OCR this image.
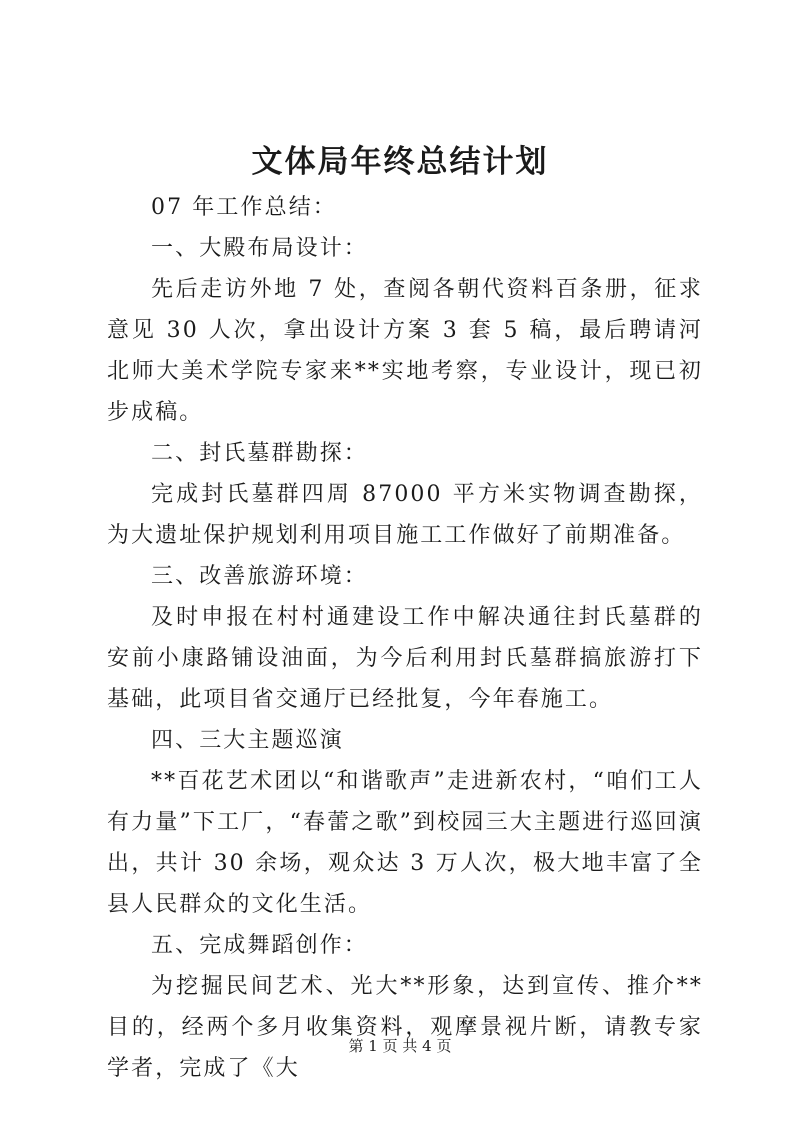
文体局年终总结计划

07 年工作总结：

一、大殿布局设计：

先后走访外地 7 处，查阅各朝代资料百条册，征求意见 30 人次，拿出设计方案 3 套 5 稿，最后聘请河北师大美术学院专家来**实地考察，专业设计，现已初步成稿。

二、封氏墓群勘探：

完成封氏墓群四周 87000 平方米实物调查勘探，为大遗址保护规划利用项目施工工作做好了前期准备。

三、改善旅游环境：

及时申报在村村通建设工作中解决通往封氏墓群的安前小康路铺设油面，为今后利用封氏墓群搞旅游打下基础，此项目省交通厅已经批复，今年春施工。

四、三大主题巡演

**百花艺术团以“和谐歌声”走进新农村，“咱们工人有力量”下工厂，“春蕾之歌”到校园三大主题进行巡回演出，共计 30 余场，观众达 3 万人次，极大地丰富了全县人民群众的文化生活。

五、完成舞蹈创作：

为挖掘民间艺术、光大**形象，达到宣传、推介**目的，经两个多月收集资料，观摩景视片断，请教专家学者，完成了《大

第 1 页 共 4 页
